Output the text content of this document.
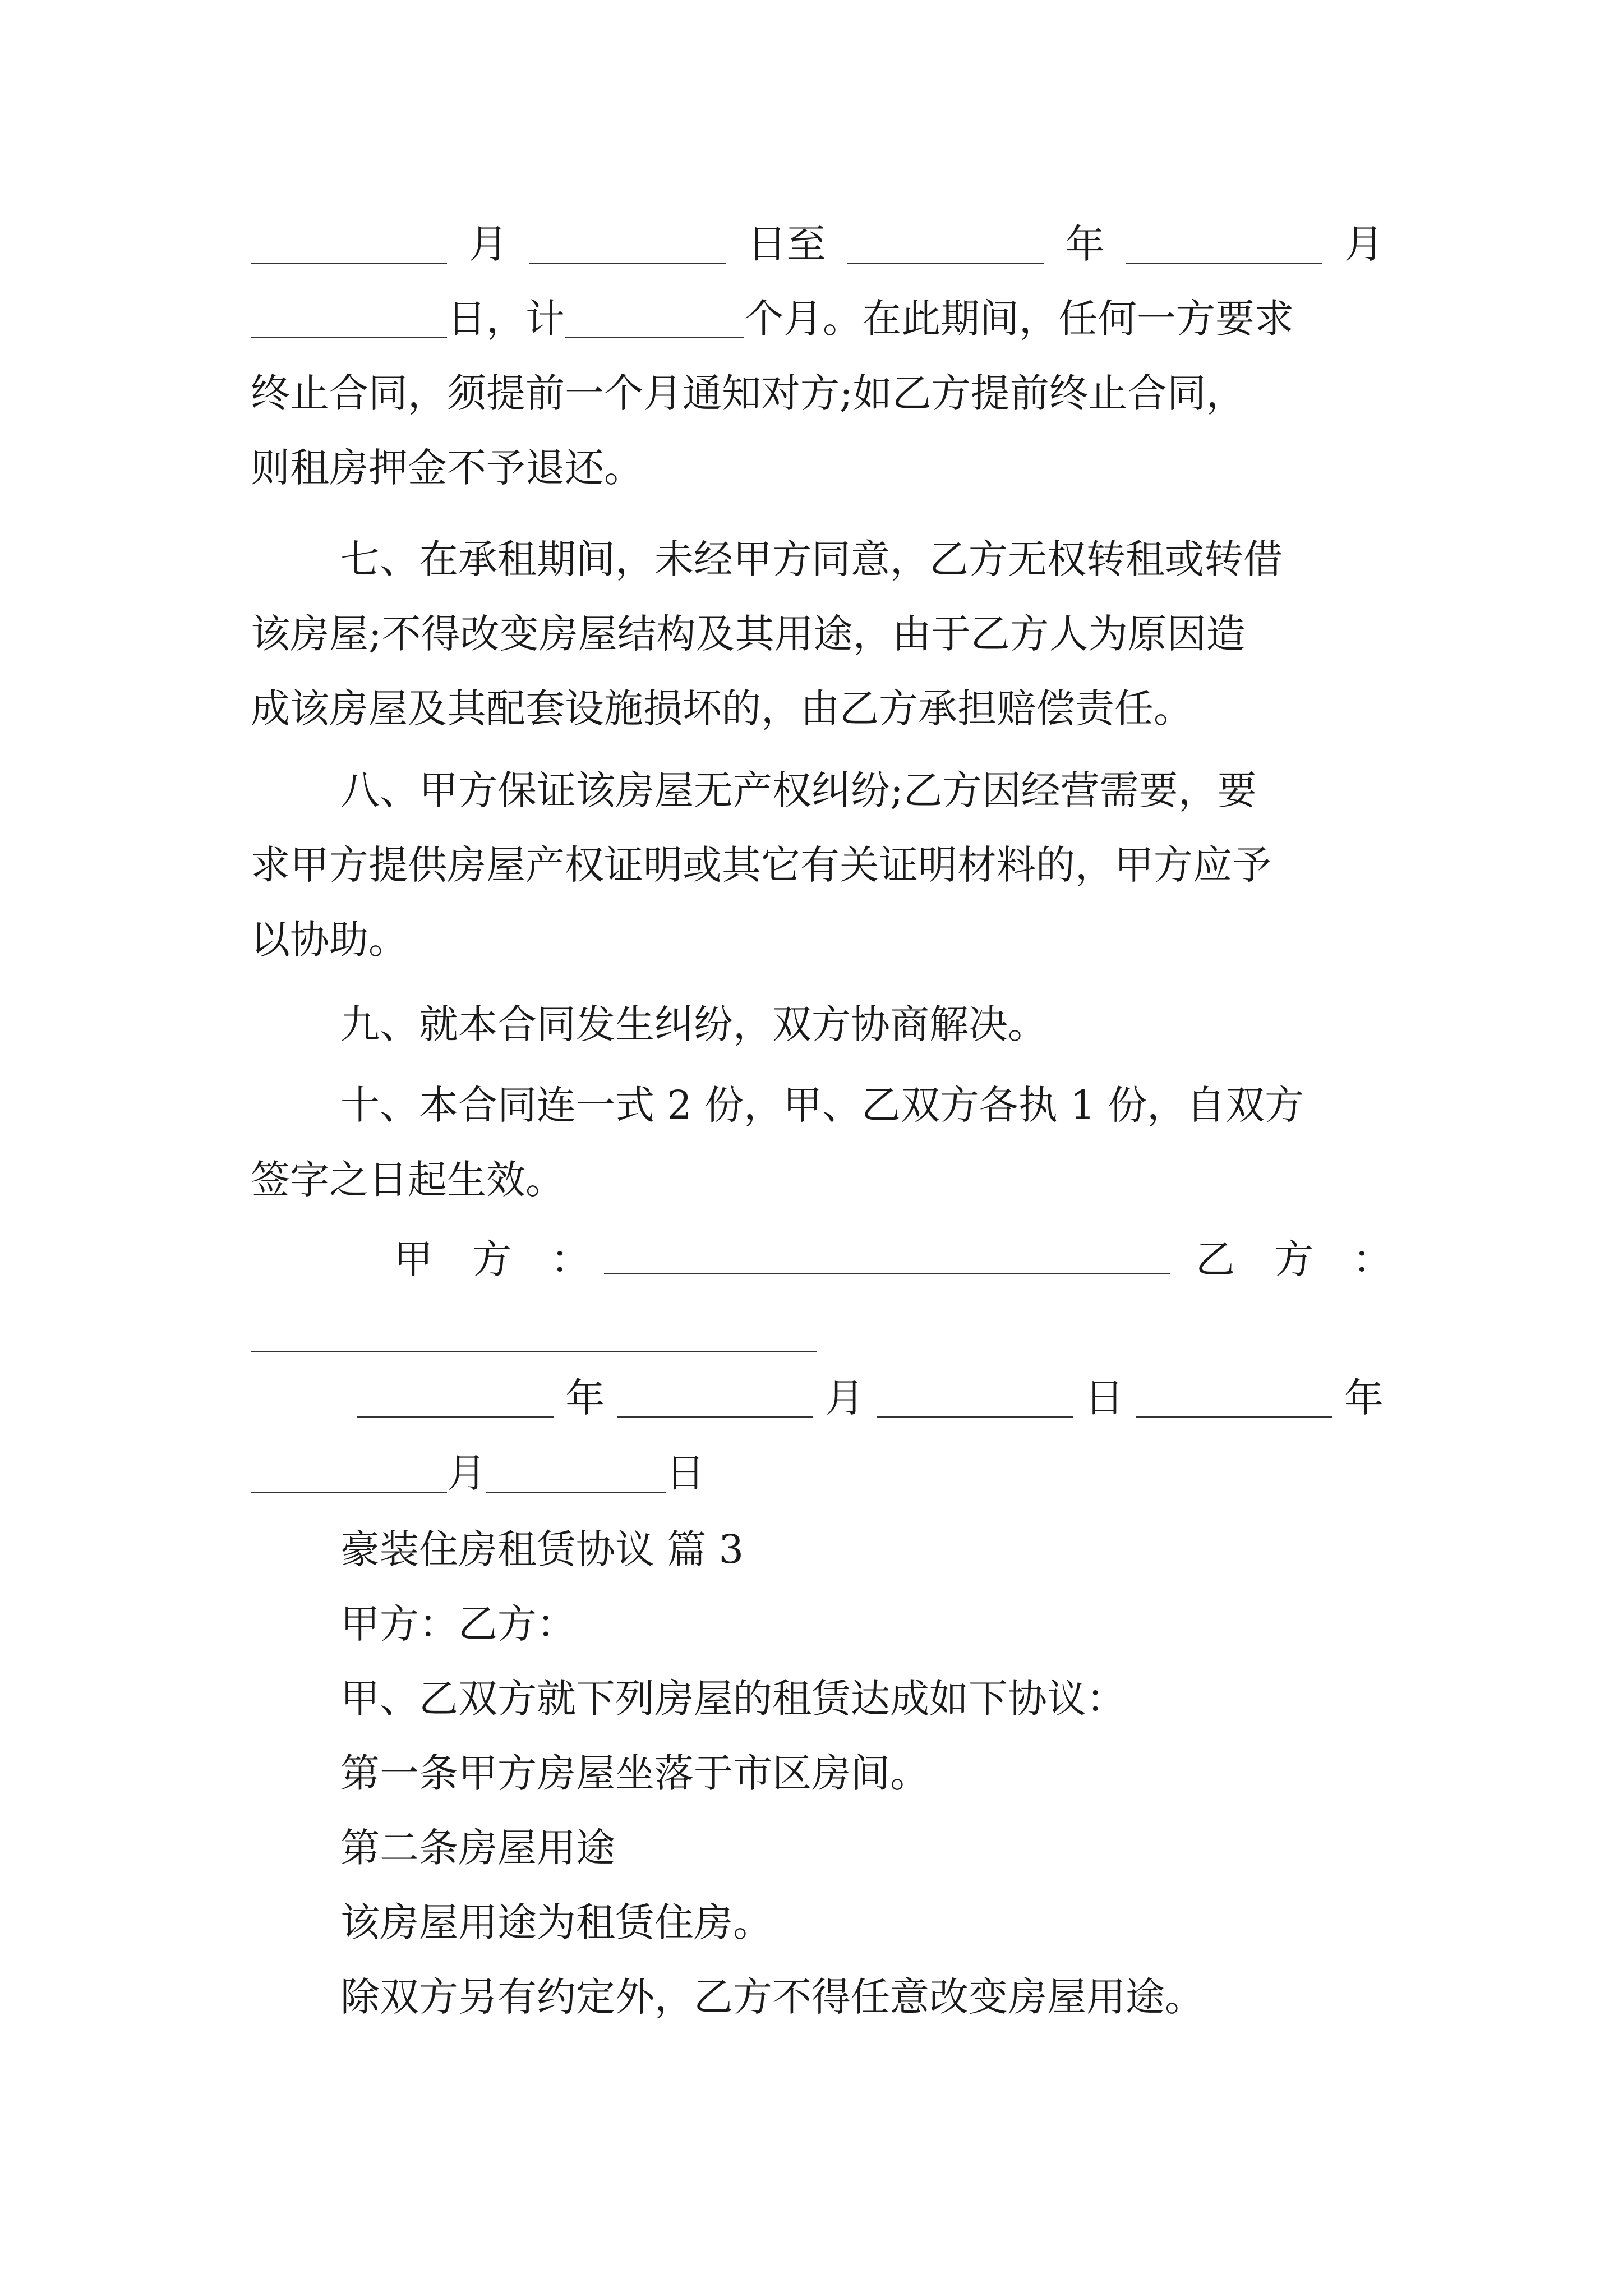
月	日至	年	月
日，计	个月。在此期间，任何一方要求
终止合同，须提前一个月通知对方;如乙方提前终止合同，
则租房押金不予退还。
七、在承租期间，未经甲方同意，乙方无权转租或转借
该房屋;不得改变房屋结构及其用途，由于乙方人为原因造
成该房屋及其配套设施损坏的，由乙方承担赔偿责任。
八、甲方保证该房屋无产权纠纷;乙方因经营需要，要
求甲方提供房屋产权证明或其它有关证明材料的，甲方应予
以协助。
九、就本合同发生纠纷，双方协商解决。
十、本合同连一式 2 份，甲、乙双方各执 1 份，自双方
签字之日起生效。
甲　方　：	乙　方　：
年	月	日	年
月	日
豪装住房租赁协议 篇 3
甲方：乙方：
甲、乙双方就下列房屋的租赁达成如下协议：
第一条甲方房屋坐落于市区房间。
第二条房屋用途
该房屋用途为租赁住房。
除双方另有约定外，乙方不得任意改变房屋用途。
